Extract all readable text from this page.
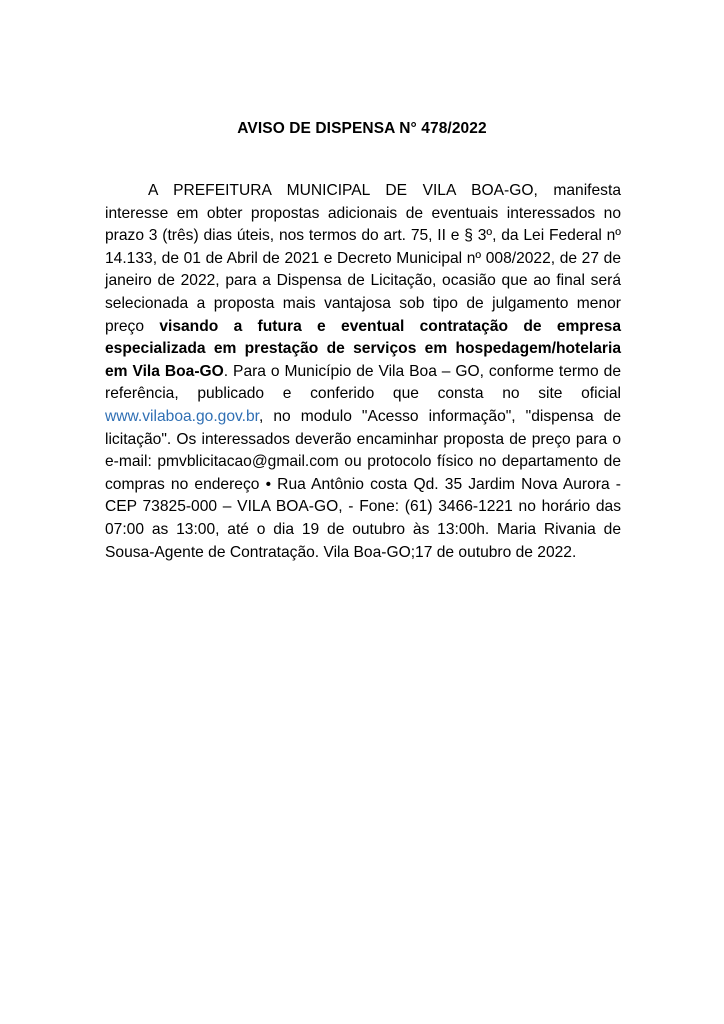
AVISO DE DISPENSA N° 478/2022

A PREFEITURA MUNICIPAL DE VILA BOA-GO, manifesta interesse em obter propostas adicionais de eventuais interessados no prazo 3 (três) dias úteis, nos termos do art. 75, II e § 3º, da Lei Federal nº 14.133, de 01 de Abril de 2021 e Decreto Municipal nº 008/2022, de 27 de janeiro de 2022, para a Dispensa de Licitação, ocasião que ao final será selecionada a proposta mais vantajosa sob tipo de julgamento menor preço visando a futura e eventual contratação de empresa especializada em prestação de serviços em hospedagem/hotelaria em Vila Boa-GO. Para o Município de Vila Boa – GO, conforme termo de referência, publicado e conferido que consta no site oficial www.vilaboa.go.gov.br, no modulo "Acesso informação", "dispensa de licitação". Os interessados deverão encaminhar proposta de preço para o e-mail: pmvblicitacao@gmail.com ou protocolo físico no departamento de compras no endereço • Rua Antônio costa Qd. 35 Jardim Nova Aurora - CEP 73825-000 – VILA BOA-GO, - Fone: (61) 3466-1221 no horário das 07:00 as 13:00, até o dia 19 de outubro às 13:00h. Maria Rivania de Sousa-Agente de Contratação. Vila Boa-GO;17 de outubro de 2022.
